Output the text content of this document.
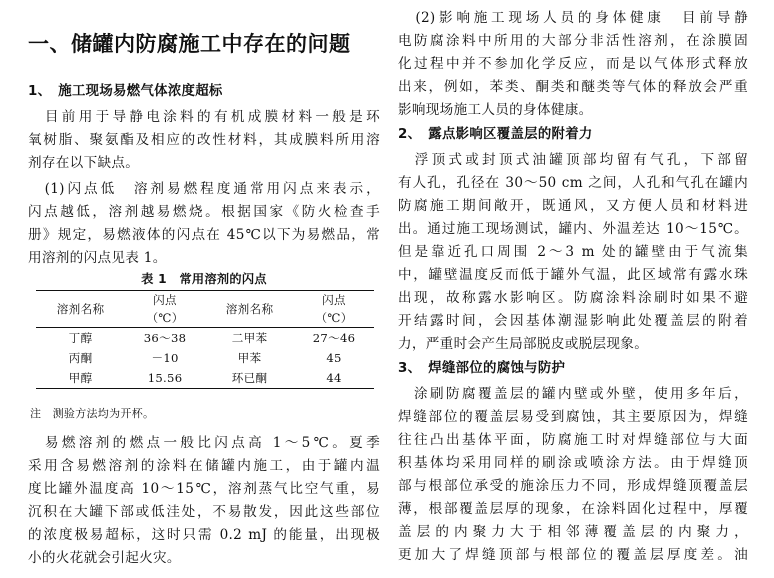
一、储罐内防腐施工中存在的问题
1、　施工现场易燃气体浓度超标
　目前用于导静电涂料的有机成膜材料一般是环
氧树脂、聚氨酯及相应的改性材料，其成膜料所用溶
剂存在以下缺点。
　(1)闪点低　溶剂易燃程度通常用闪点来表示，
闪点越低，溶剂越易燃烧。根据国家《防火检查手
册》规定，易燃液体的闪点在 45℃以下为易燃品，常
用溶剂的闪点见表 1。
表 1　常用溶剂的闪点
溶剂名称	闪点	溶剂名称	闪点
	（℃）		（℃）
丁醇	36～38	二甲苯	27～46
丙酮	－10	甲苯	45
甲醇	15.56	环已酮	44
注　测验方法均为开杯。
　易燃溶剂的燃点一般比闪点高 1～5℃。夏季
采用含易燃溶剂的涂料在储罐内施工，由于罐内温
度比罐外温度高 10～15℃，溶剂蒸气比空气重，易
沉积在大罐下部或低洼处，不易散发，因此这些部位
的浓度极易超标，这时只需 0.2 mJ 的能量，出现极
小的火花就会引起火灾。
　(2)影响施工现场人员的身体健康　目前导静
电防腐涂料中所用的大部分非活性溶剂，在涂膜固
化过程中并不参加化学反应，而是以气体形式释放
出来，例如，苯类、酮类和醚类等气体的释放会严重
影响现场施工人员的身体健康。
2、　露点影响区覆盖层的附着力
　浮顶式或封顶式油罐顶部均留有气孔，下部留
有人孔，孔径在 30～50 cm 之间，人孔和气孔在罐内
防腐施工期间敞开，既通风，又方便人员和材料进
出。通过施工现场测试，罐内、外温差达 10～15℃。
但是靠近孔口周围 2～3 m 处的罐壁由于气流集
中，罐壁温度反而低于罐外气温，此区域常有露水珠
出现，故称露水影响区。防腐涂料涂刷时如果不避
开结露时间，会因基体潮湿影响此处覆盖层的附着
力，严重时会产生局部脱皮或脱层现象。
3、　焊缝部位的腐蚀与防护
　涂刷防腐覆盖层的罐内壁或外壁，使用多年后，
焊缝部位的覆盖层易受到腐蚀，其主要原因为，焊缝
往往凸出基体平面，防腐施工时对焊缝部位与大面
积基体均采用同样的刷涂或喷涂方法。由于焊缝顶
部与根部位承受的施涂压力不同，形成焊缝顶覆盖层
薄，根部覆盖层厚的现象，在涂料固化过程中，厚覆
盖层的内聚力大于相邻薄覆盖层的内聚力，
更加大了焊缝顶部与根部位的覆盖层厚度差。油
